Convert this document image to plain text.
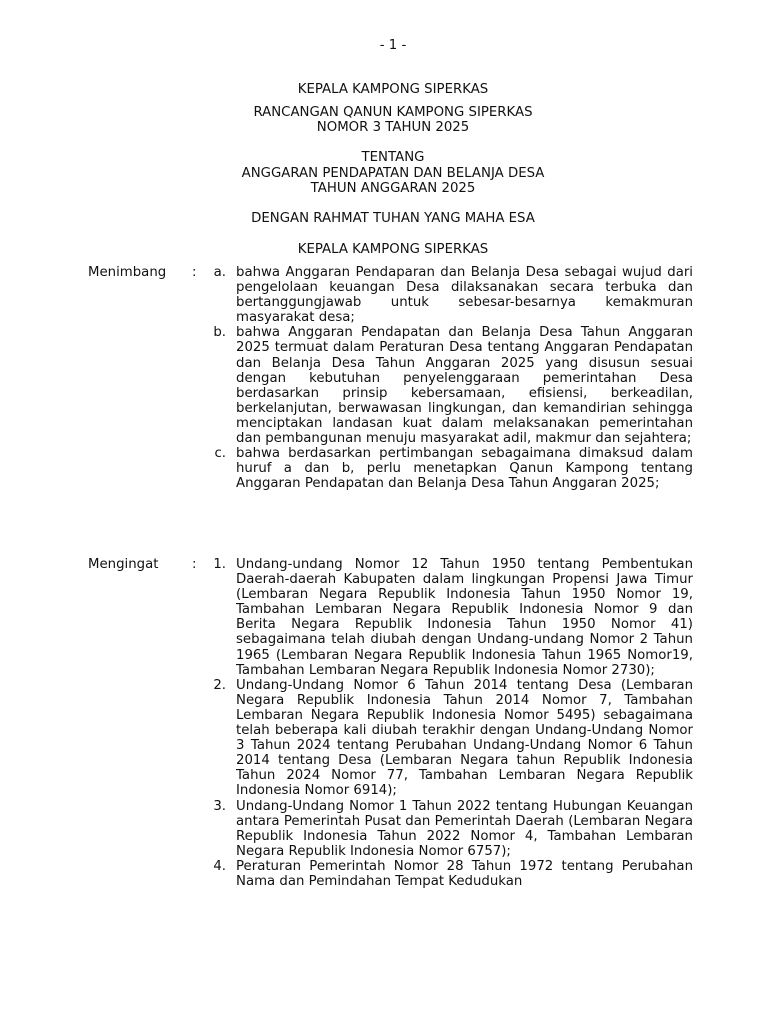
- 1 -

KEPALA KAMPONG SIPERKAS

RANCANGAN QANUN KAMPONG SIPERKAS

NOMOR 3 TAHUN 2025

TENTANG

ANGGARAN PENDAPATAN DAN BELANJA DESA

TAHUN ANGGARAN 2025

DENGAN RAHMAT TUHAN YANG MAHA ESA

KEPALA KAMPONG SIPERKAS

Menimbang :	a. bahwa Anggaran Pendaparan dan Belanja Desa sebagai wujud dari pengelolaan keuangan Desa dilaksanakan secara terbuka dan bertanggungjawab untuk sebesar-besarnya kemakmuran masyarakat desa;

b. bahwa Anggaran Pendapatan dan Belanja Desa Tahun Anggaran 2025 termuat dalam Peraturan Desa tentang Anggaran Pendapatan dan Belanja Desa Tahun Anggaran 2025 yang disusun sesuai dengan kebutuhan penyelenggaraan pemerintahan Desa berdasarkan prinsip kebersamaan, efisiensi, berkeadilan, berkelanjutan, berwawasan lingkungan, dan kemandirian sehingga menciptakan landasan kuat dalam melaksanakan pemerintahan dan pembangunan menuju masyarakat adil, makmur dan sejahtera;

c. bahwa berdasarkan pertimbangan sebagaimana dimaksud dalam huruf a dan b, perlu menetapkan Qanun Kampong tentang Anggaran Pendapatan dan Belanja Desa Tahun Anggaran 2025;

Mengingat	:	1. Undang-undang Nomor 12 Tahun 1950 tentang Pembentukan Daerah-daerah Kabupaten dalam lingkungan Propensi Jawa Timur (Lembaran Negara Republik Indonesia Tahun 1950 Nomor 19, Tambahan Lembaran Negara Republik Indonesia Nomor 9 dan Berita Negara Republik Indonesia Tahun 1950 Nomor 41) sebagaimana telah diubah dengan Undang-undang Nomor 2 Tahun 1965 (Lembaran Negara Republik Indonesia Tahun 1965 Nomor19, Tambahan Lembaran Negara Republik Indonesia Nomor 2730);

2. Undang-Undang Nomor 6 Tahun 2014 tentang Desa (Lembaran Negara Republik Indonesia Tahun 2014 Nomor 7, Tambahan Lembaran Negara Republik Indonesia Nomor 5495) sebagaimana telah beberapa kali diubah terakhir dengan Undang-Undang Nomor 3 Tahun 2024 tentang Perubahan Undang-Undang Nomor 6 Tahun 2014 tentang Desa (Lembaran Negara tahun Republik Indonesia Tahun 2024 Nomor 77, Tambahan Lembaran Negara Republik Indonesia Nomor 6914);

3. Undang-Undang Nomor 1 Tahun 2022 tentang Hubungan Keuangan antara Pemerintah Pusat dan Pemerintah Daerah (Lembaran Negara Republik Indonesia Tahun 2022 Nomor 4, Tambahan Lembaran Negara Republik Indonesia Nomor 6757);

4. Peraturan Pemerintah Nomor 28 Tahun 1972 tentang Perubahan Nama dan Pemindahan Tempat Kedudukan
